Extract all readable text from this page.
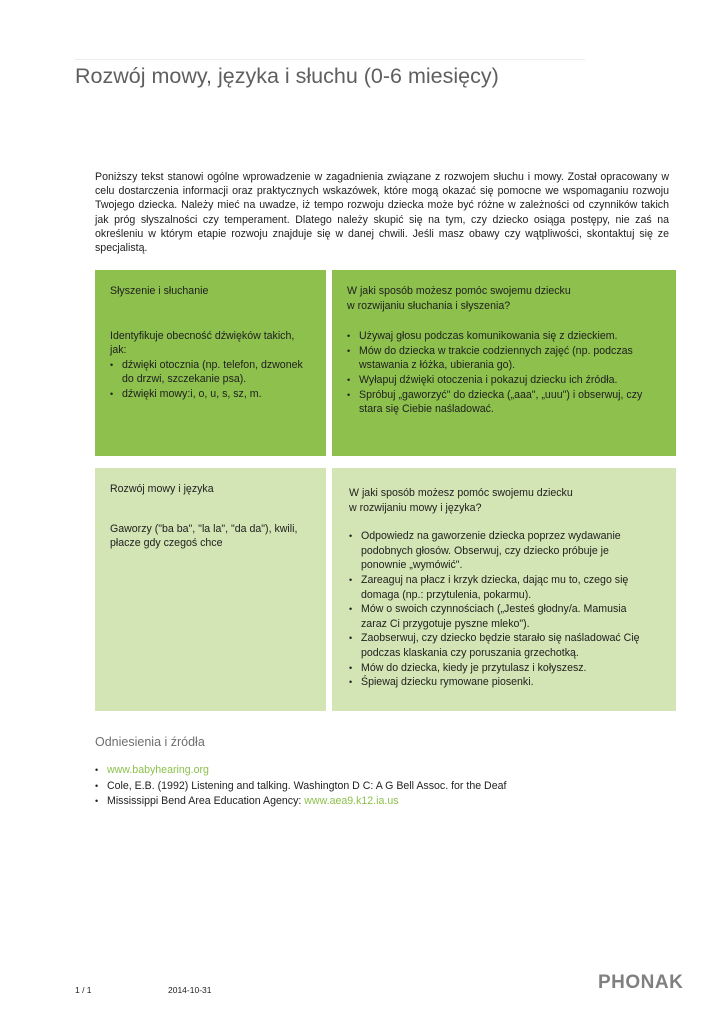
Rozwój mowy, języka i słuchu (0-6 miesięcy)

Poniższy tekst stanowi ogólne wprowadzenie w zagadnienia związane z rozwojem słuchu i mowy. Został opracowany w celu dostarczenia informacji oraz praktycznych wskazówek, które mogą okazać się pomocne we wspomaganiu rozwoju Twojego dziecka. Należy mieć na uwadze, iż tempo rozwoju dziecka może być różne w zależności od czynników takich jak próg słyszalności czy temperament. Dlatego należy skupić się na tym, czy dziecko osiąga postępy, nie zaś na określeniu w którym etapie rozwoju znajduje się w danej chwili. Jeśli masz obawy czy wątpliwości, skontaktuj się ze specjalistą.

Słyszenie i słuchanie
Identyfikuje obecność dźwięków takich, jak:
• dźwięki otocznia (np. telefon, dzwonek do drzwi, szczekanie psa).
• dźwięki mowy:i, o, u, s, sz, m.
W jaki sposób możesz pomóc swojemu dziecku
w rozwijaniu słuchania i słyszenia?
• Używaj głosu podczas komunikowania się z dzieckiem.
• Mów do dziecka w trakcie codziennych zajęć (np. podczas wstawania z łóżka, ubierania go).
• Wyłapuj dźwięki otoczenia i pokazuj dziecku ich źródła.
• Spróbuj „gaworzyć" do dziecka („aaa", „uuu") i obserwuj, czy stara się Ciebie naśladować.
Rozwój mowy i języka
Gaworzy ("ba ba", "la la", "da da"), kwili, płacze gdy czegoś chce
W jaki sposób możesz pomóc swojemu dziecku
w rozwijaniu mowy i języka?
• Odpowiedz na gaworzenie dziecka poprzez wydawanie podobnych głosów. Obserwuj, czy dziecko próbuje je ponownie „wymówić".
• Zareaguj na płacz i krzyk dziecka, dając mu to, czego się domaga (np.: przytulenia, pokarmu).
• Mów o swoich czynnościach („Jesteś głodny/a. Mamusia zaraz Ci przygotuje pyszne mleko").
• Zaobserwuj, czy dziecko będzie starało się naśladować Cię podczas klaskania czy poruszania grzechotką.
• Mów do dziecka, kiedy je przytulasz i kołyszesz.
• Śpiewaj dziecku rymowane piosenki.
Odniesienia i źródła
• www.babyhearing.org
• Cole, E.B. (1992) Listening and talking. Washington D C: A G Bell Assoc. for the Deaf
• Mississippi Bend Area Education Agency: www.aea9.k12.ia.us
1 / 1	2014-10-31	PHONAK
